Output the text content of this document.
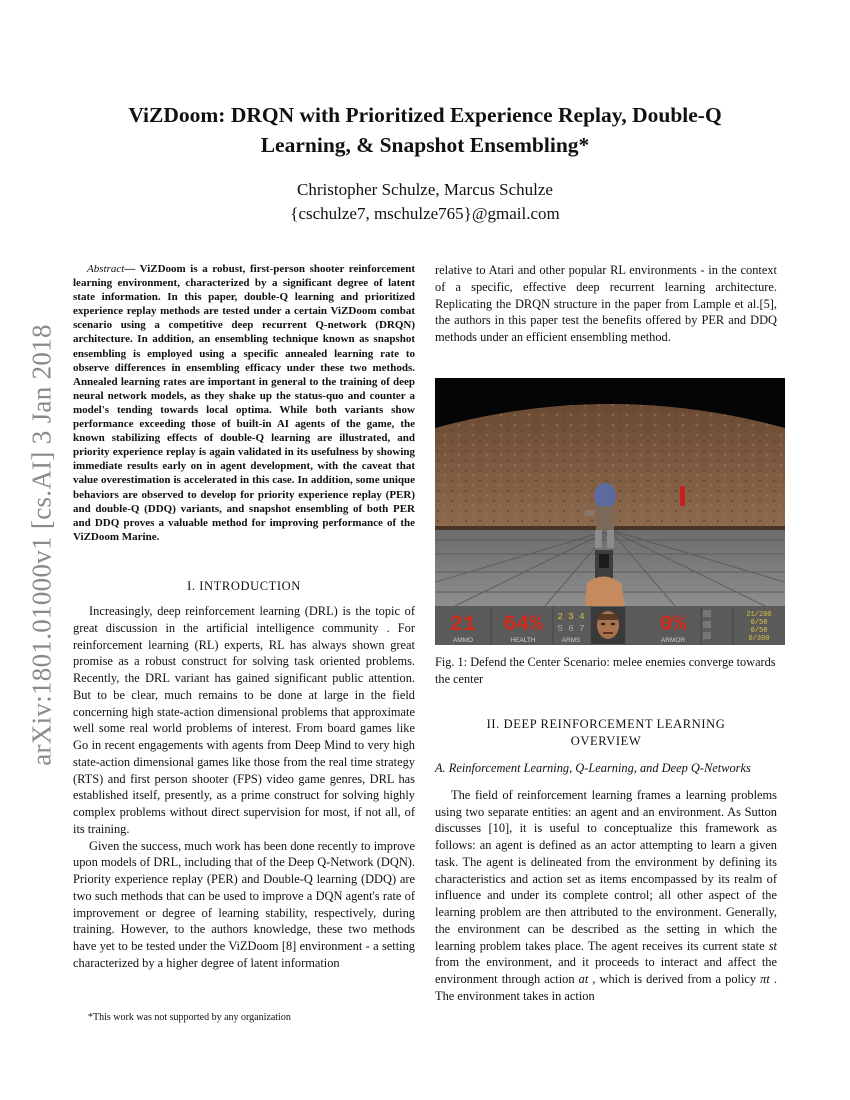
arXiv:1801.01000v1 [cs.AI] 3 Jan 2018
ViZDoom: DRQN with Prioritized Experience Replay, Double-Q Learning, & Snapshot Ensembling*
Christopher Schulze, Marcus Schulze
{cschulze7, mschulze765}@gmail.com

Abstract— ViZDoom is a robust, first-person shooter reinforcement learning environment, characterized by a significant degree of latent state information. In this paper, double-Q learning and prioritized experience replay methods are tested under a certain ViZDoom combat scenario using a competitive deep recurrent Q-network (DRQN) architecture. In addition, an ensembling technique known as snapshot ensembling is employed using a specific annealed learning rate to observe differences in ensembling efficacy under these two methods. Annealed learning rates are important in general to the training of deep neural network models, as they shake up the status-quo and counter a model's tending towards local optima. While both variants show performance exceeding those of built-in AI agents of the game, the known stabilizing effects of double-Q learning are illustrated, and priority experience replay is again validated in its usefulness by showing immediate results early on in agent development, with the caveat that value overestimation is accelerated in this case. In addition, some unique behaviors are observed to develop for priority experience replay (PER) and double-Q (DDQ) variants, and snapshot ensembling of both PER and DDQ proves a valuable method for improving performance of the ViZDoom Marine.

I. INTRODUCTION

Increasingly, deep reinforcement learning (DRL) is the topic of great discussion in the artificial intelligence community . For reinforcement learning (RL) experts, RL has always shown great promise as a robust construct for solving task oriented problems. Recently, the DRL variant has gained significant public attention. But to be clear, much remains to be done at large in the field concerning high state-action dimensional problems that approximate well some real world problems of interest. From board games like Go in recent engagements with agents from Deep Mind to very high state-action dimensional games like those from the real time strategy (RTS) and first person shooter (FPS) video game genres, DRL has established itself, presently, as a prime construct for solving highly complex problems without direct supervision for most, if not all, of its training.

Given the success, much work has been done recently to improve upon models of DRL, including that of the Deep Q-Network (DQN). Priority experience replay (PER) and Double-Q learning (DDQ) are two such methods that can be used to improve a DQN agent's rate of improvement or degree of learning stability, respectively, during training. However, to the authors knowledge, these two methods have yet to be tested under the ViZDoom [8] environment - a setting characterized by a higher degree of latent information

*This work was not supported by any organization

relative to Atari and other popular RL environments - in the context of a specific, effective deep recurrent learning architecture. Replicating the DRQN structure in the paper from Lample et al.[5], the authors in this paper test the benefits offered by PER and DDQ methods under an efficient ensembling method.

21 64% 2 3 4
5 6 7	0%
AMMO	HEALTH	ARMS	ARMOR
21/200
0/50
0/50
0/300
Fig. 1: Defend the Center Scenario: melee enemies converge towards the center

II. DEEP REINFORCEMENT LEARNING
OVERVIEW

A. Reinforcement Learning, Q-Learning, and Deep Q-Networks

The field of reinforcement learning frames a learning problems using two separate entities: an agent and an environment. As Sutton discusses [10], it is useful to conceptualize this framework as follows: an agent is defined as an actor attempting to learn a given task. The agent is delineated from the environment by defining its characteristics and action set as items encompassed by its realm of influence and under its complete control; all other aspect of the learning problem are then attributed to the environment. Generally, the environment can be described as the setting in which the learning problem takes place. The agent receives its current state st from the environment, and it proceeds to interact and affect the environment through action at , which is derived from a policy πt . The environment takes in action
